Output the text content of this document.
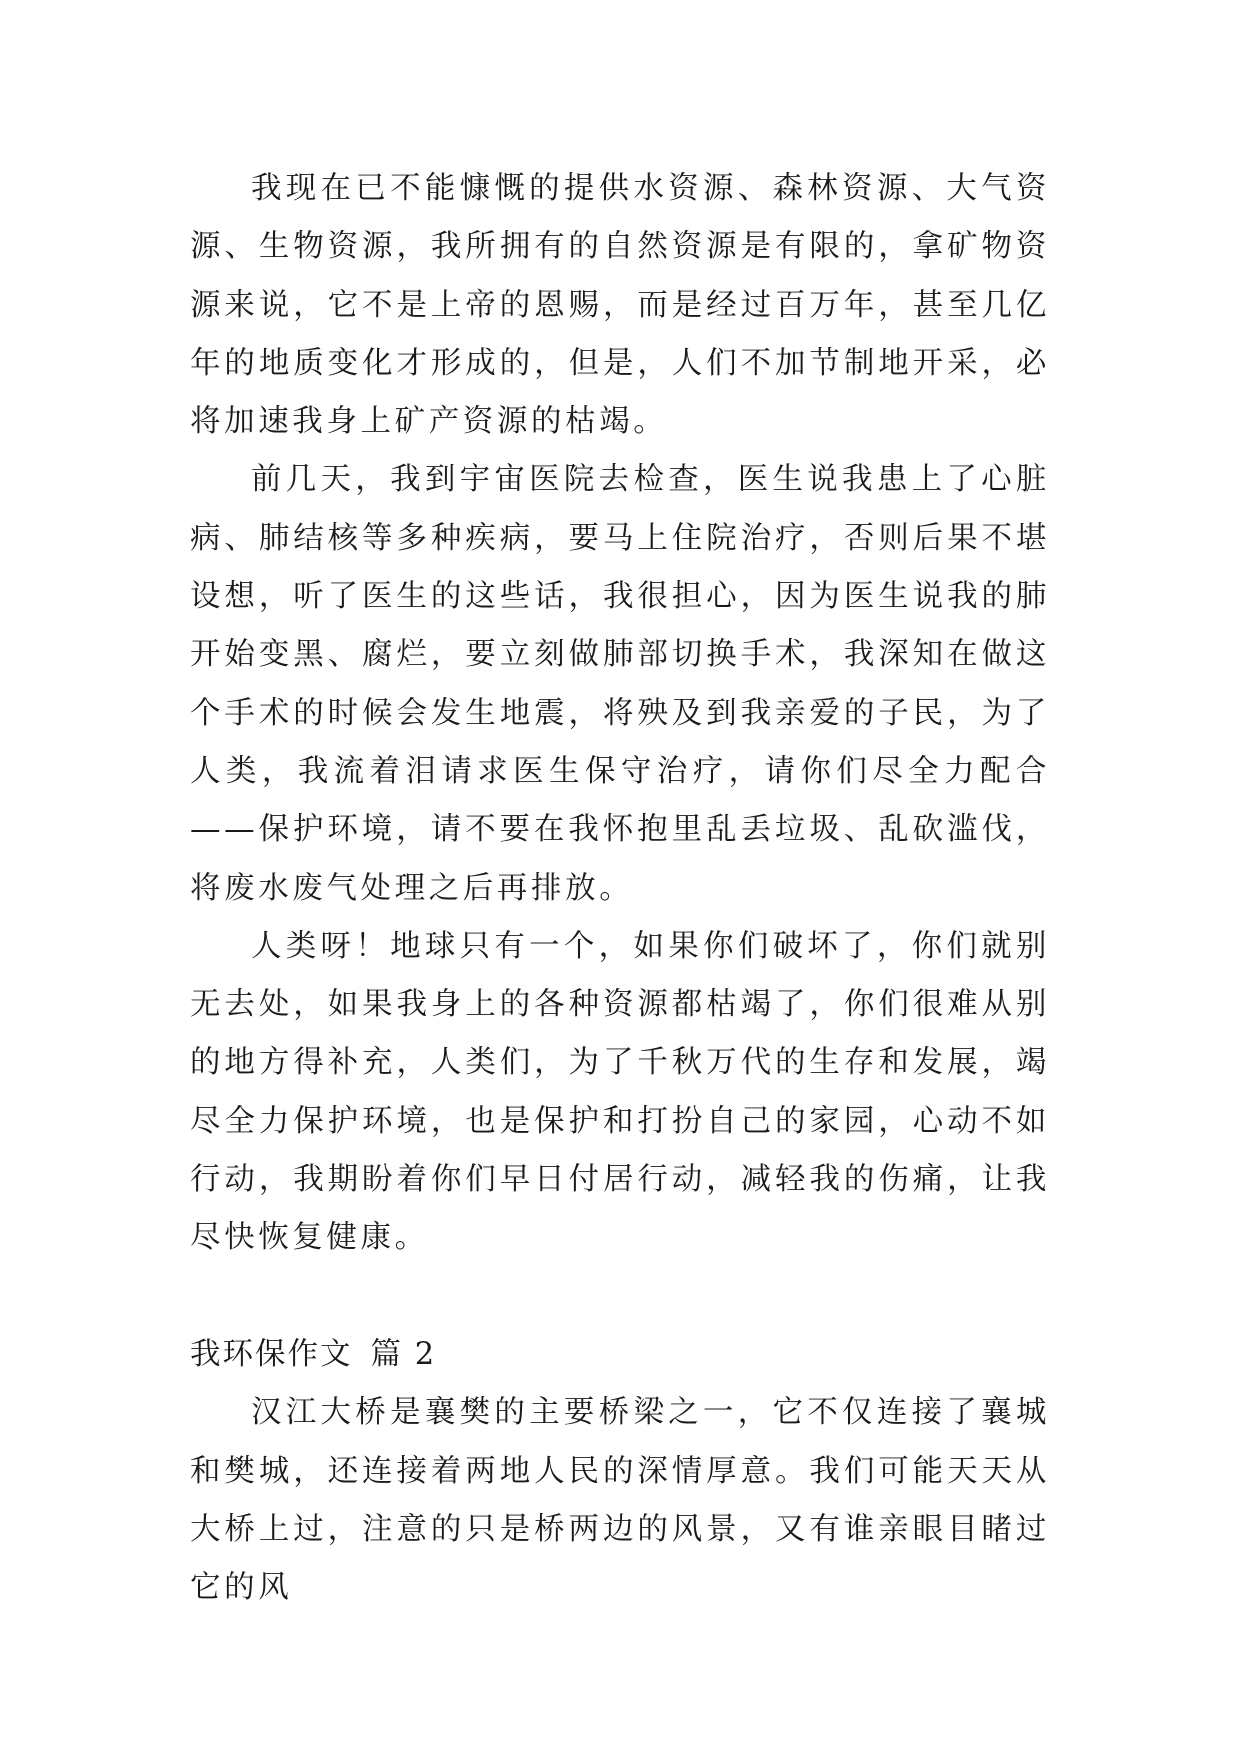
我现在已不能慷慨的提供水资源、森林资源、大气资源、生物资源，我所拥有的自然资源是有限的，拿矿物资源来说，它不是上帝的恩赐，而是经过百万年，甚至几亿年的地质变化才形成的，但是，人们不加节制地开采，必将加速我身上矿产资源的枯竭。

前几天，我到宇宙医院去检查，医生说我患上了心脏病、肺结核等多种疾病，要马上住院治疗，否则后果不堪设想，听了医生的这些话，我很担心，因为医生说我的肺开始变黑、腐烂，要立刻做肺部切换手术，我深知在做这个手术的时候会发生地震，将殃及到我亲爱的子民，为了人类，我流着泪请求医生保守治疗，请你们尽全力配合——保护环境，请不要在我怀抱里乱丢垃圾、乱砍滥伐，将废水废气处理之后再排放。

人类呀！地球只有一个，如果你们破坏了，你们就别无去处，如果我身上的各种资源都枯竭了，你们很难从别的地方得补充，人类们，为了千秋万代的生存和发展，竭尽全力保护环境，也是保护和打扮自己的家园，心动不如行动，我期盼着你们早日付居行动，减轻我的伤痛，让我尽快恢复健康。

我环保作文 篇 2

汉江大桥是襄樊的主要桥梁之一，它不仅连接了襄城和樊城，还连接着两地人民的深情厚意。我们可能天天从大桥上过，注意的只是桥两边的风景，又有谁亲眼目睹过它的风
